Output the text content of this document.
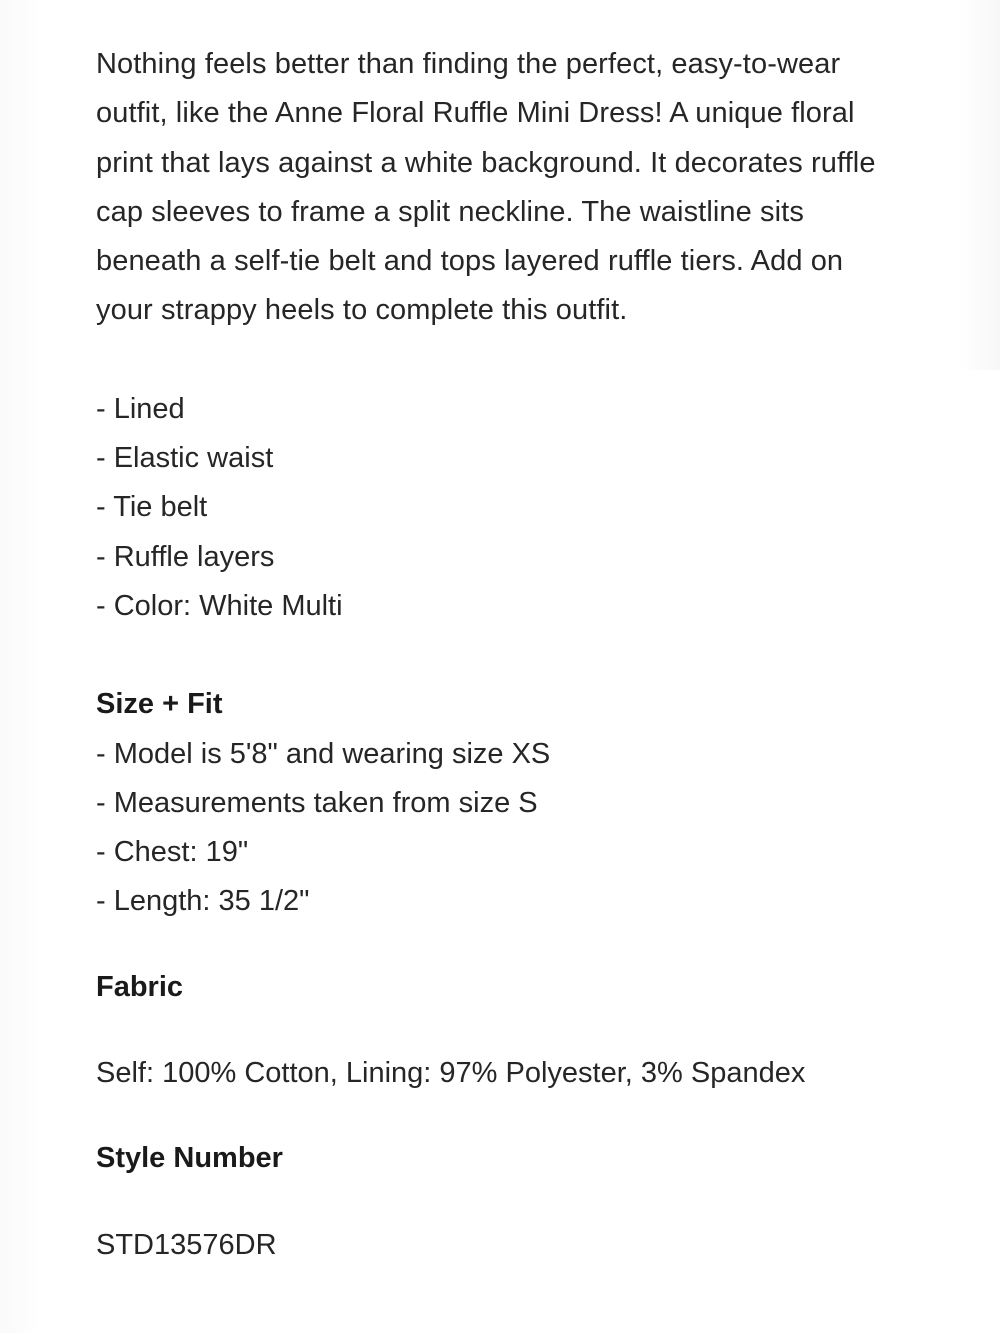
Nothing feels better than finding the perfect, easy-to-wear outfit, like the Anne Floral Ruffle Mini Dress! A unique floral print that lays against a white background. It decorates ruffle cap sleeves to frame a split neckline. The waistline sits beneath a self-tie belt and tops layered ruffle tiers. Add on your strappy heels to complete this outfit.

- Lined
- Elastic waist
- Tie belt
- Ruffle layers
- Color: White Multi
Size + Fit
- Model is 5'8" and wearing size XS
- Measurements taken from size S
- Chest: 19"
- Length: 35 1/2"
Fabric
Self: 100% Cotton, Lining: 97% Polyester, 3% Spandex
Style Number
STD13576DR
